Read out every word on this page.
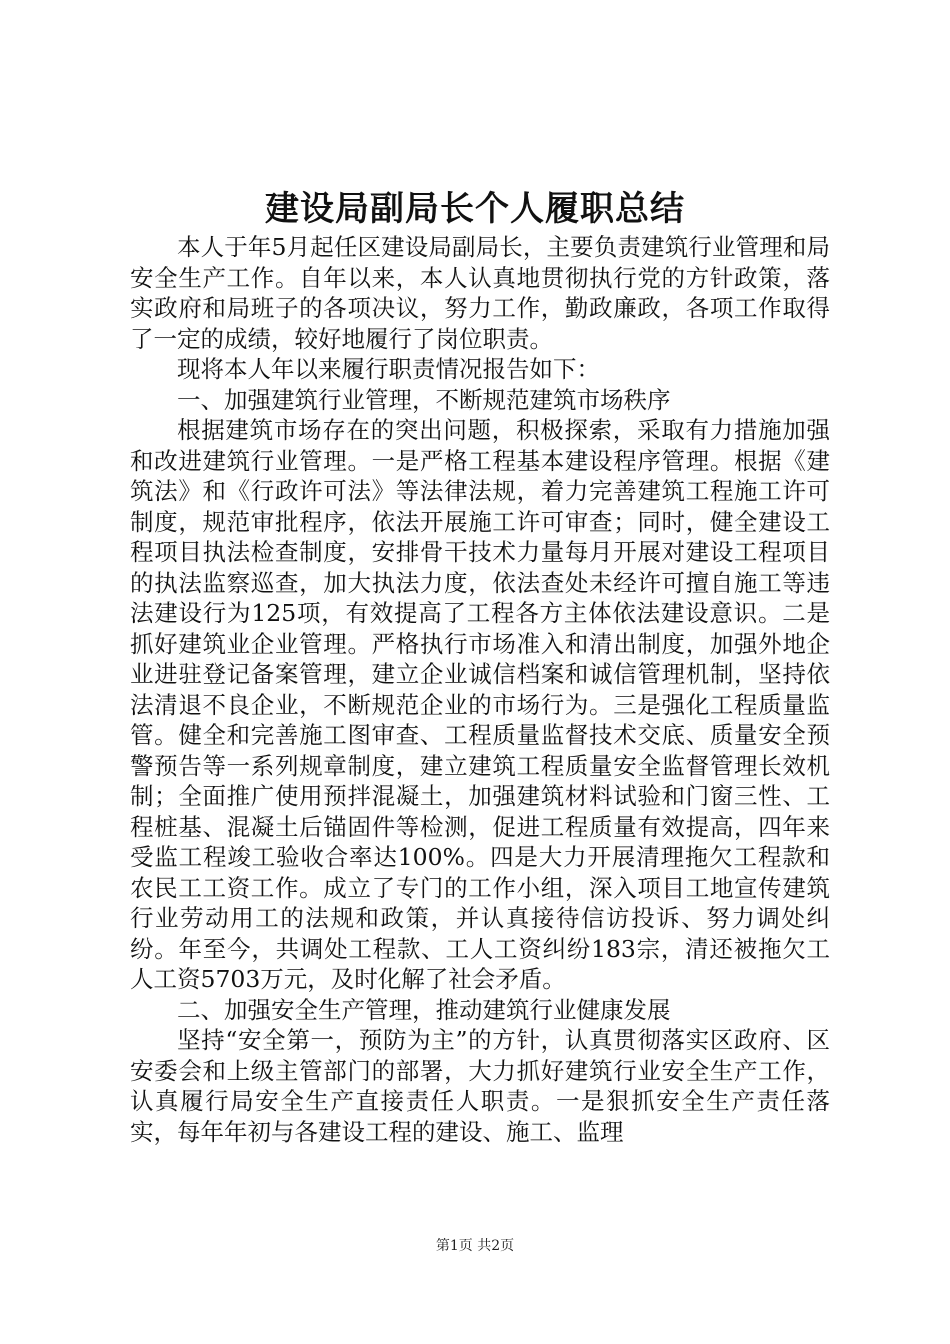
建设局副局长个人履职总结

本人于年5月起任区建设局副局长，主要负责建筑行业管理和局安全生产工作。自年以来，本人认真地贯彻执行党的方针政策，落实政府和局班子的各项决议，努力工作，勤政廉政，各项工作取得了一定的成绩，较好地履行了岗位职责。

现将本人年以来履行职责情况报告如下：

一、加强建筑行业管理，不断规范建筑市场秩序

根据建筑市场存在的突出问题，积极探索，采取有力措施加强和改进建筑行业管理。一是严格工程基本建设程序管理。根据《建筑法》和《行政许可法》等法律法规，着力完善建筑工程施工许可制度，规范审批程序，依法开展施工许可审查；同时，健全建设工程项目执法检查制度，安排骨干技术力量每月开展对建设工程项目的执法监察巡查，加大执法力度，依法查处未经许可擅自施工等违法建设行为125项，有效提高了工程各方主体依法建设意识。二是抓好建筑业企业管理。严格执行市场准入和清出制度，加强外地企业进驻登记备案管理，建立企业诚信档案和诚信管理机制，坚持依法清退不良企业，不断规范企业的市场行为。三是强化工程质量监管。健全和完善施工图审查、工程质量监督技术交底、质量安全预警预告等一系列规章制度，建立建筑工程质量安全监督管理长效机制；全面推广使用预拌混凝土，加强建筑材料试验和门窗三性、工程桩基、混凝土后锚固件等检测，促进工程质量有效提高，四年来受监工程竣工验收合率达100%。四是大力开展清理拖欠工程款和农民工工资工作。成立了专门的工作小组，深入项目工地宣传建筑行业劳动用工的法规和政策，并认真接待信访投诉、努力调处纠纷。年至今，共调处工程款、工人工资纠纷183宗，清还被拖欠工人工资5703万元，及时化解了社会矛盾。

二、加强安全生产管理，推动建筑行业健康发展

坚持“安全第一，预防为主”的方针，认真贯彻落实区政府、区安委会和上级主管部门的部署，大力抓好建筑行业安全生产工作，认真履行局安全生产直接责任人职责。一是狠抓安全生产责任落实，每年年初与各建设工程的建设、施工、监理

第1页 共2页
